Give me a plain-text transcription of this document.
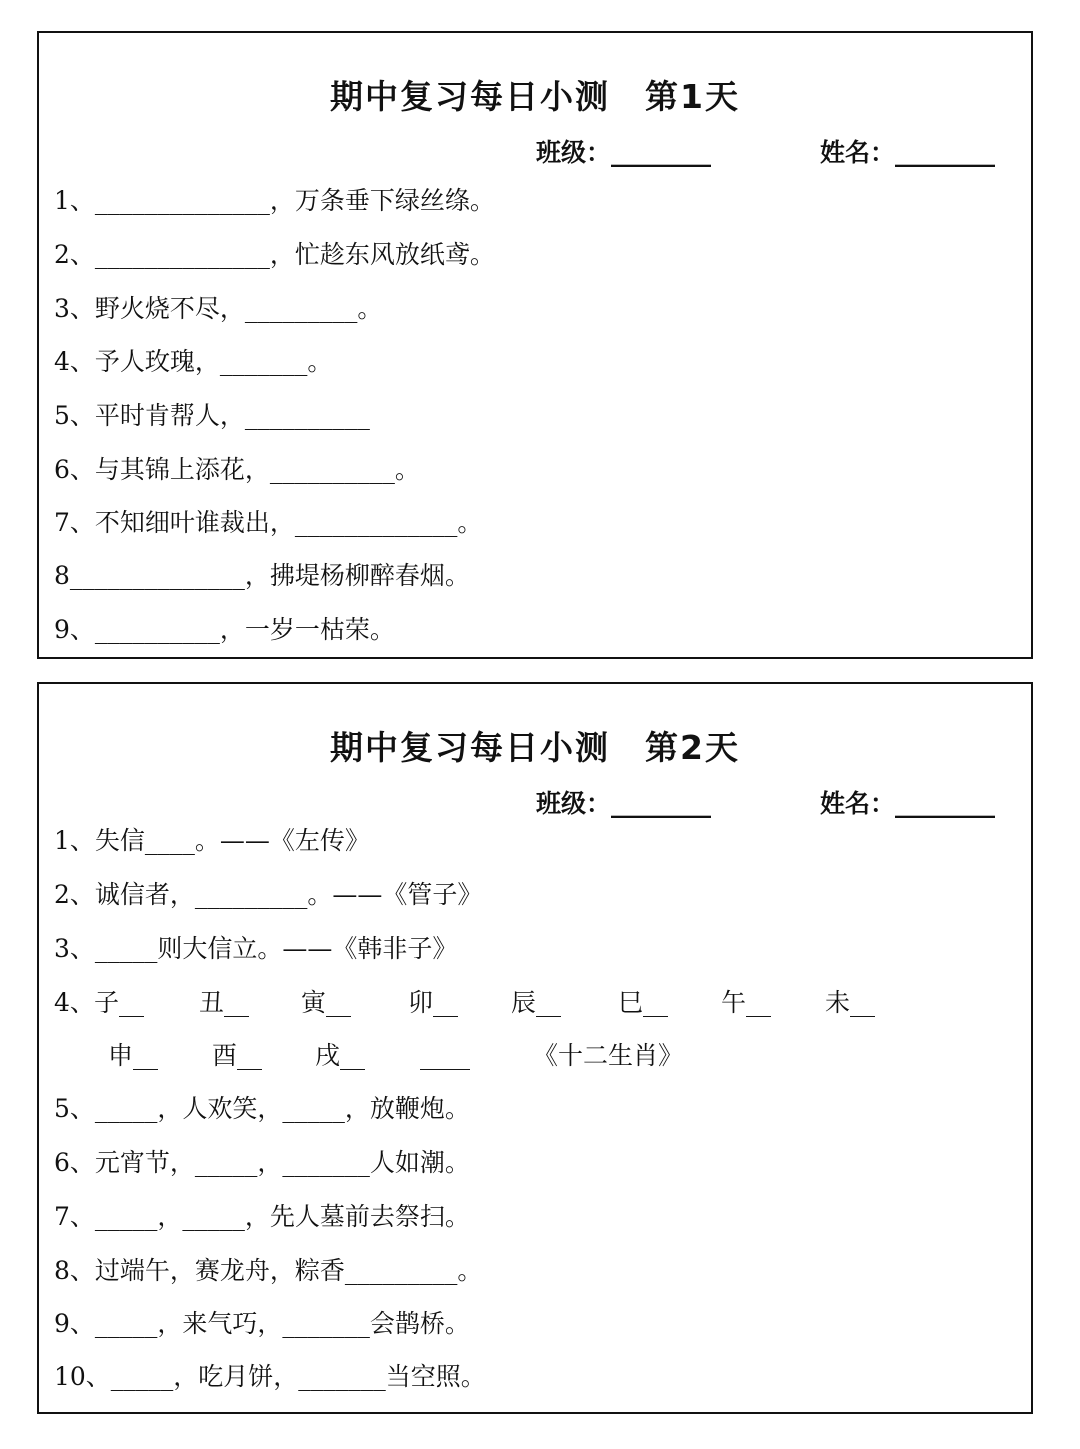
期中复习每日小测　第1天
班级：________	姓名：________
1、______________，万条垂下绿丝绦。
2、______________，忙趁东风放纸鸢。
3、野火烧不尽，_________。
4、予人玫瑰，_______。
5、平时肯帮人，__________
6、与其锦上添花，__________。
7、不知细叶谁裁出，_____________。
8______________，拂堤杨柳醉春烟。
9、__________，一岁一枯荣。
期中复习每日小测　第2天
班级：________	姓名：________
1、失信____。——《左传》
2、诚信者，_________。——《管子》
3、_____则大信立。——《韩非子》
4、 子__ 丑__ 寅__ 卯__ 辰__ 巳__ 午__ 未__
申__ 酉__ 戌__ ____	《十二生肖》
5、_____，人欢笑，_____，放鞭炮。
6、元宵节，_____，_______人如潮。
7、_____，_____，先人墓前去祭扫。
8、过端午，赛龙舟，粽香_________。
9、_____，来气巧，_______会鹊桥。
10、_____，吃月饼，_______当空照。
